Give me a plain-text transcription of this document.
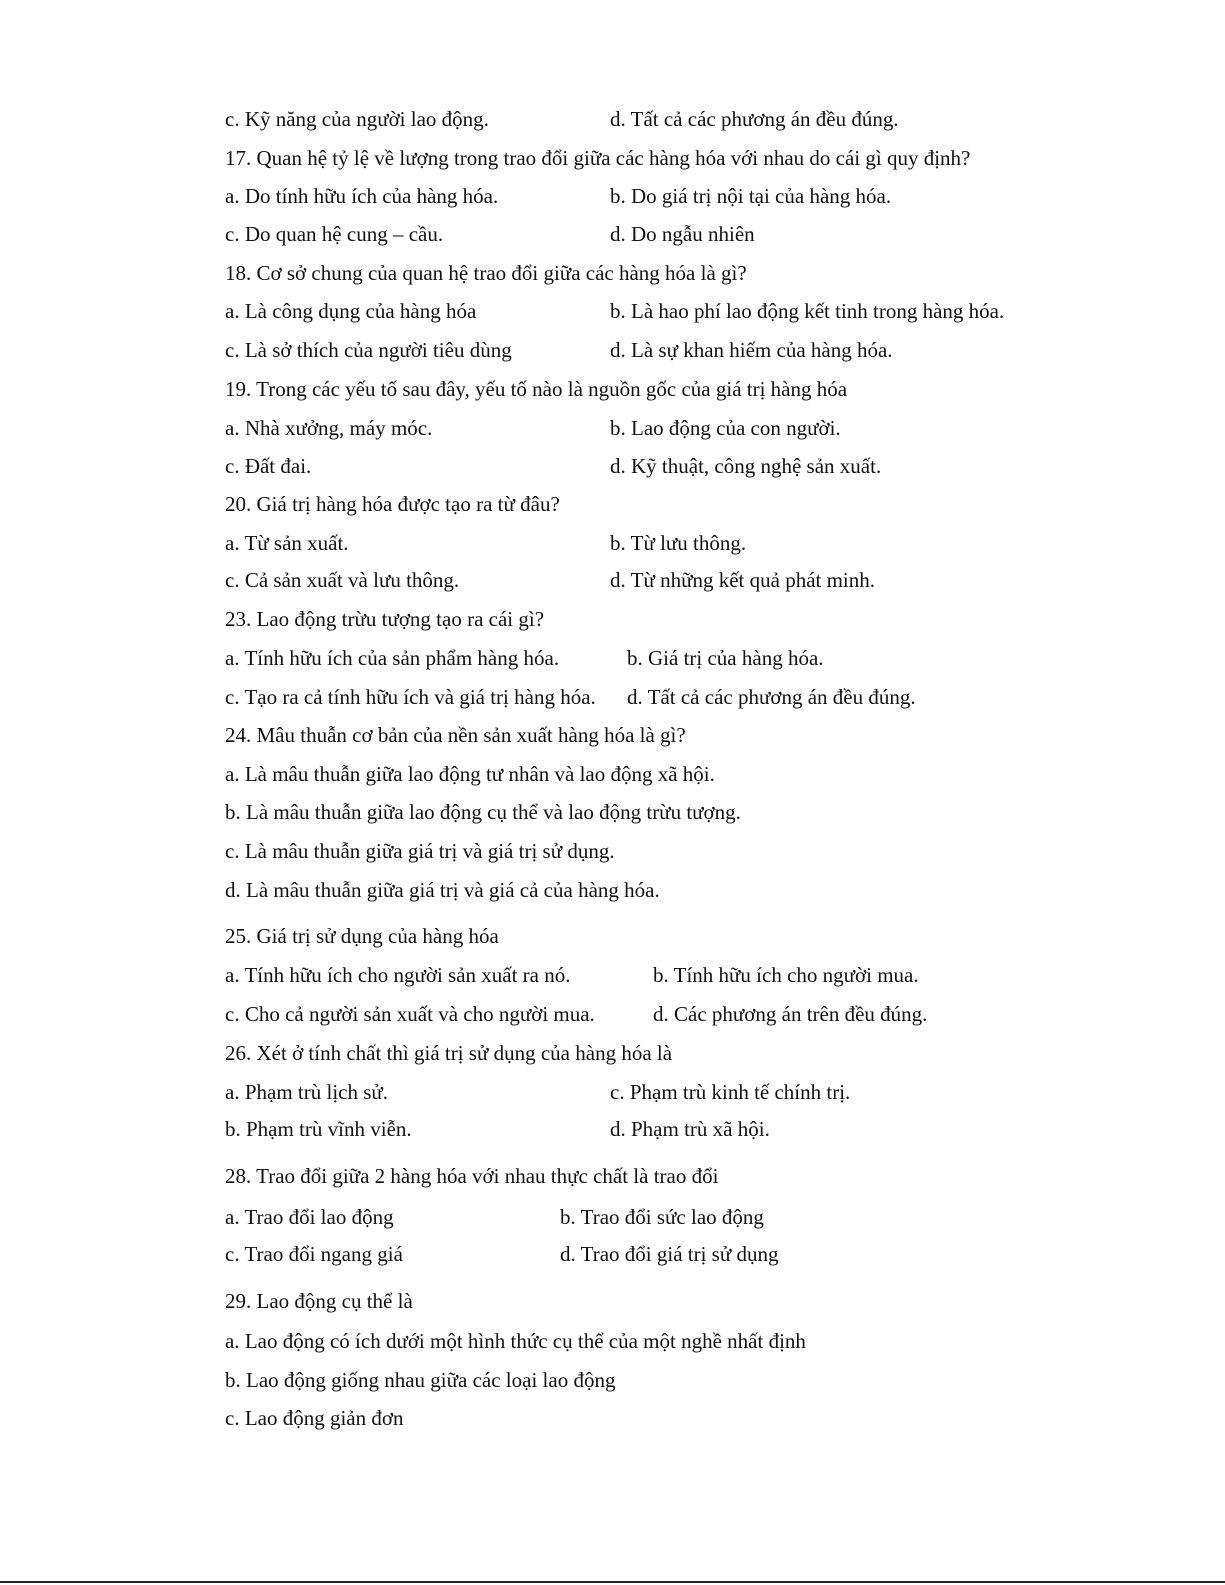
c. Kỹ năng của người lao động.	d. Tất cả các phương án đều đúng.
17. Quan hệ tỷ lệ về lượng trong trao đổi giữa các hàng hóa với nhau do cái gì quy định?
a. Do tính hữu ích của hàng hóa.	b. Do giá trị nội tại của hàng hóa.
c. Do quan hệ cung – cầu.	d. Do ngẫu nhiên
18. Cơ sở chung của quan hệ trao đổi giữa các hàng hóa là gì?
a. Là công dụng của hàng hóa	b. Là hao phí lao động kết tinh trong hàng hóa.
c. Là sở thích của người tiêu dùng	d. Là sự khan hiếm của hàng hóa.
19. Trong các yếu tố sau đây, yếu tố nào là nguồn gốc của giá trị hàng hóa
a. Nhà xưởng, máy móc.	b. Lao động của con người.
c. Đất đai.	d. Kỹ thuật, công nghệ sản xuất.
20. Giá trị hàng hóa được tạo ra từ đâu?
a. Từ sản xuất.	b. Từ lưu thông.
c. Cả sản xuất và lưu thông.	d. Từ những kết quả phát minh.
23. Lao động trừu tượng tạo ra cái gì?
a. Tính hữu ích của sản phẩm hàng hóa.	b. Giá trị của hàng hóa.
c. Tạo ra cả tính hữu ích và giá trị hàng hóa. d. Tất cả các phương án đều đúng.
24. Mâu thuẫn cơ bản của nền sản xuất hàng hóa là gì?
a. Là mâu thuẫn giữa lao động tư nhân và lao động xã hội.
b. Là mâu thuẫn giữa lao động cụ thể và lao động trừu tượng.
c. Là mâu thuẫn giữa giá trị và giá trị sử dụng.
d. Là mâu thuẫn giữa giá trị và giá cả của hàng hóa.
25. Giá trị sử dụng của hàng hóa
a. Tính hữu ích cho người sản xuất ra nó.	b. Tính hữu ích cho người mua.
c. Cho cả người sản xuất và cho người mua.	d. Các phương án trên đều đúng.
26. Xét ở tính chất thì giá trị sử dụng của hàng hóa là
a. Phạm trù lịch sử.	c. Phạm trù kinh tế chính trị.
b. Phạm trù vĩnh viễn.	d. Phạm trù xã hội.
28. Trao đổi giữa 2 hàng hóa với nhau thực chất là trao đổi
a. Trao đổi lao động	b. Trao đổi sức lao động
c. Trao đổi ngang giá	d. Trao đổi giá trị sử dụng
29. Lao động cụ thể là
a. Lao động có ích dưới một hình thức cụ thể của một nghề nhất định
b. Lao động giống nhau giữa các loại lao động
c. Lao động giản đơn
